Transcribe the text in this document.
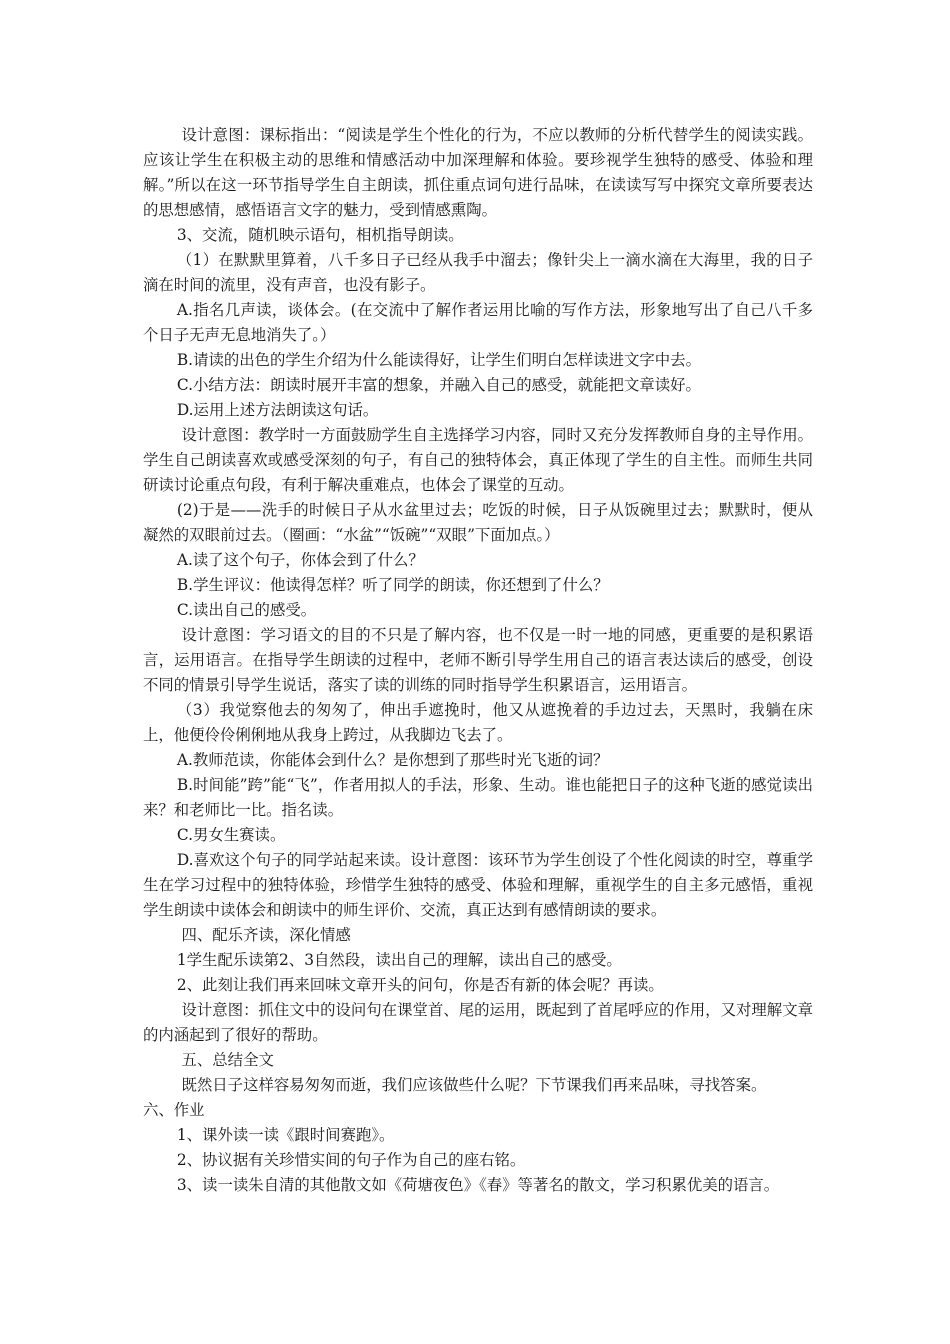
设计意图：课标指出：“阅读是学生个性化的行为，不应以教师的分析代替学生的阅读实践。应该让学生在积极主动的思维和情感活动中加深理解和体验。要珍视学生独特的感受、体验和理解。”所以在这一环节指导学生自主朗读，抓住重点词句进行品味，在读读写写中探究文章所要表达的思想感情，感悟语言文字的魅力，受到情感熏陶。

3、交流，随机映示语句，相机指导朗读。

（1）在默默里算着，八千多日子已经从我手中溜去；像针尖上一滴水滴在大海里，我的日子滴在时间的流里，没有声音，也没有影子。

A.指名几声读，谈体会。(在交流中了解作者运用比喻的写作方法，形象地写出了自己八千多个日子无声无息地消失了。）

B.请读的出色的学生介绍为什么能读得好，让学生们明白怎样读进文字中去。

C.小结方法：朗读时展开丰富的想象，并融入自己的感受，就能把文章读好。

D.运用上述方法朗读这句话。

设计意图：教学时一方面鼓励学生自主选择学习内容，同时又充分发挥教师自身的主导作用。学生自己朗读喜欢或感受深刻的句子，有自己的独特体会，真正体现了学生的自主性。而师生共同研读讨论重点句段，有利于解决重难点，也体会了课堂的互动。

(2)于是——洗手的时候日子从水盆里过去；吃饭的时候，日子从饭碗里过去；默默时，便从凝然的双眼前过去。（圈画：“水盆”“饭碗”“双眼”下面加点。）

A.读了这个句子，你体会到了什么？

B.学生评议：他读得怎样？听了同学的朗读，你还想到了什么？

C.读出自己的感受。

设计意图：学习语文的目的不只是了解内容，也不仅是一时一地的同感，更重要的是积累语言，运用语言。在指导学生朗读的过程中，老师不断引导学生用自己的语言表达读后的感受，创设不同的情景引导学生说话，落实了读的训练的同时指导学生积累语言，运用语言。

（3）我觉察他去的匆匆了，伸出手遮挽时，他又从遮挽着的手边过去，天黑时，我躺在床上，他便伶伶俐俐地从我身上跨过，从我脚边飞去了。

A.教师范读，你能体会到什么？是你想到了那些时光飞逝的词？

B.时间能”跨”能“飞”，作者用拟人的手法，形象、生动。谁也能把日子的这种飞逝的感觉读出来？和老师比一比。指名读。

C.男女生赛读。

D.喜欢这个句子的同学站起来读。设计意图：该环节为学生创设了个性化阅读的时空，尊重学生在学习过程中的独特体验，珍惜学生独特的感受、体验和理解，重视学生的自主多元感悟，重视学生朗读中读体会和朗读中的师生评价、交流，真正达到有感情朗读的要求。

四、配乐齐读，深化情感

1学生配乐读第2、3自然段，读出自己的理解，读出自己的感受。

2、此刻让我们再来回味文章开头的问句，你是否有新的体会呢？再读。

设计意图：抓住文中的设问句在课堂首、尾的运用，既起到了首尾呼应的作用，又对理解文章的内涵起到了很好的帮助。

五、总结全文

既然日子这样容易匆匆而逝，我们应该做些什么呢？下节课我们再来品味，寻找答案。

六、作业

1、课外读一读《跟时间赛跑》。

2、协议据有关珍惜实间的句子作为自己的座右铭。

3、读一读朱自清的其他散文如《荷塘夜色》《春》等著名的散文，学习积累优美的语言。
